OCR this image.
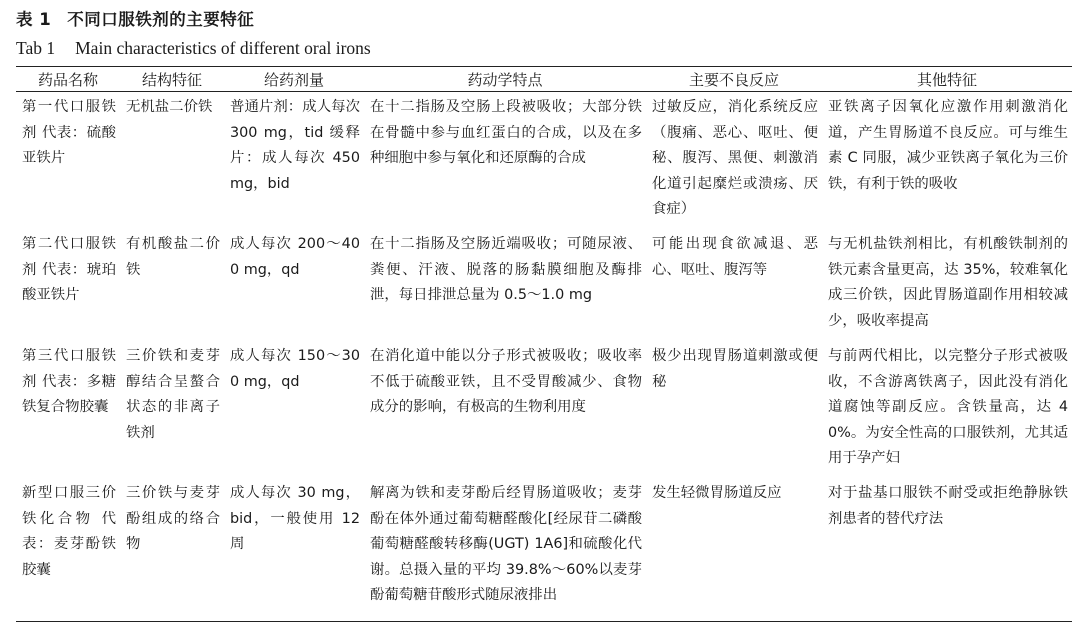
表 1 不同口服铁剂的主要特征
Tab 1 Main characteristics of different oral irons
药品名称	结构特征	给药剂量	药动学特点	主要不良反应	其他特征
第一代口服铁剂 代表：硫酸亚铁片	无机盐二价铁	普通片剂：成人每次 300 mg，tid 缓释片：成人每次 450 mg，bid	在十二指肠及空肠上段被吸收；大部分铁在骨髓中参与血红蛋白的合成，以及在多种细胞中参与氧化和还原酶的合成	过敏反应，消化系统反应（腹痛、恶心、呕吐、便秘、腹泻、黑便、刺激消化道引起糜烂或溃疡、厌食症）	亚铁离子因氧化应激作用刺激消化道，产生胃肠道不良反应。可与维生素 C 同服，减少亚铁离子氧化为三价铁，有利于铁的吸收
第二代口服铁剂 代表：琥珀酸亚铁片	有机酸盐二价铁	成人每次 200～400 mg，qd	在十二指肠及空肠近端吸收；可随尿液、粪便、汗液、脱落的肠黏膜细胞及酶排泄，每日排泄总量为 0.5～1.0 mg	可能出现食欲减退、恶心、呕吐、腹泻等	与无机盐铁剂相比，有机酸铁制剂的铁元素含量更高，达 35%，较难氧化成三价铁，因此胃肠道副作用相较减少，吸收率提高
第三代口服铁剂 代表：多糖铁复合物胶囊	三价铁和麦芽醇结合呈螯合状态的非离子铁剂	成人每次 150～300 mg，qd	在消化道中能以分子形式被吸收；吸收率不低于硫酸亚铁，且不受胃酸减少、食物成分的影响，有极高的生物利用度	极少出现胃肠道刺激或便秘	与前两代相比，以完整分子形式被吸收，不含游离铁离子，因此没有消化道腐蚀等副反应。含铁量高，达 40%。为安全性高的口服铁剂，尤其适用于孕产妇
新型口服三价铁化合物 代表：麦芽酚铁胶囊	三价铁与麦芽酚组成的络合物	成人每次 30 mg，bid，一般使用 12 周	解离为铁和麦芽酚后经胃肠道吸收；麦芽酚在体外通过葡萄糖醛酸化[经尿苷二磷酸葡萄糖醛酸转移酶(UGT) 1A6]和硫酸化代谢。总摄入量的平均 39.8%～60%以麦芽酚葡萄糖苷酸形式随尿液排出	发生轻微胃肠道反应	对于盐基口服铁不耐受或拒绝静脉铁剂患者的替代疗法
